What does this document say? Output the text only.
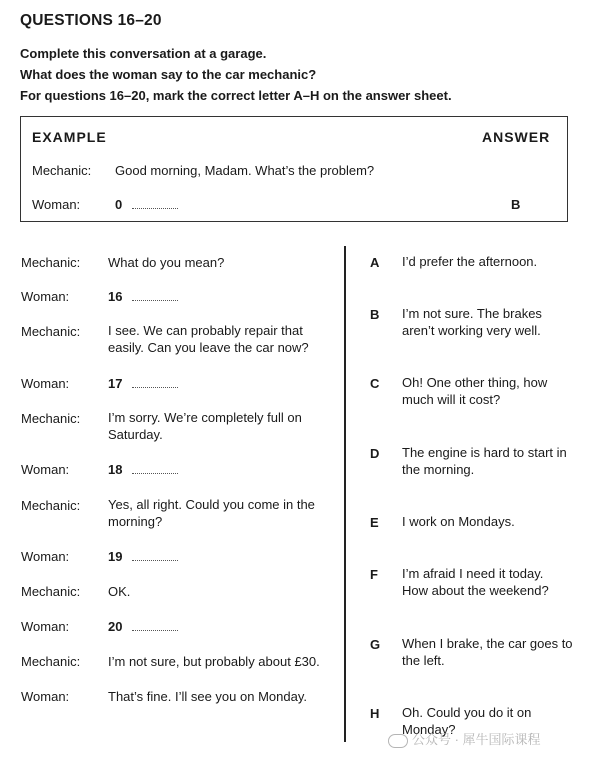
QUESTIONS 16–20
Complete this conversation at a garage.
What does the woman say to the car mechanic?
For questions 16–20, mark the correct letter A–H on the answer sheet.
EXAMPLE	ANSWER
Mechanic: Good morning, Madam. What’s the problem?
Woman:	0	B
Mechanic: What do you mean?
Woman:	16
Mechanic: I see. We can probably repair that easily. Can you leave the car now?
Woman:	17
Mechanic: I’m sorry. We’re completely full on Saturday.
Woman:	18
Mechanic: Yes, all right. Could you come in the morning?
Woman:	19
Mechanic: OK.
Woman:	20
Mechanic: I’m not sure, but probably about £30.
Woman:	That’s fine. I’ll see you on Monday.
A I’d prefer the afternoon.
B I’m not sure. The brakes aren’t working very well.
C Oh! One other thing, how much will it cost?
D The engine is hard to start in the morning.
E I work on Mondays.
F I’m afraid I need it today. How about the weekend?
G When I brake, the car goes to the left.
H Oh. Could you do it on Monday?
公众号 · 犀牛国际课程
